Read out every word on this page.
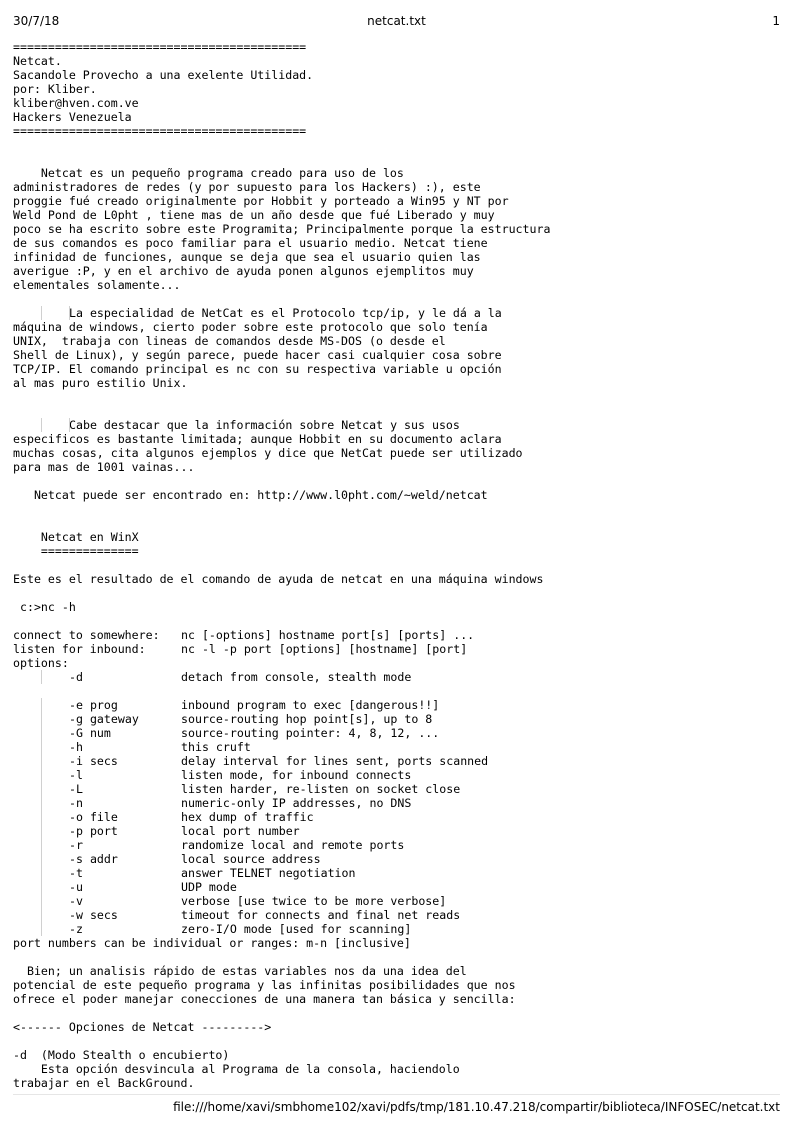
30/7/18	netcat.txt	1
==========================================
Netcat.
Sacandole Provecho a una exelente Utilidad.
por: Kliber.
kliber@hven.com.ve
Hackers Venezuela
==========================================
Netcat es un pequeño programa creado para uso de los
administradores de redes (y por supuesto para los Hackers) :), este
proggie fué creado originalmente por Hobbit y porteado a Win95 y NT por
Weld Pond de L0pht , tiene mas de un año desde que fué Liberado y muy
poco se ha escrito sobre este Programita; Principalmente porque la estructura
de sus comandos es poco familiar para el usuario medio. Netcat tiene
infinidad de funciones, aunque se deja que sea el usuario quien las
averigue :P, y en el archivo de ayuda ponen algunos ejemplitos muy
elementales solamente...
La especialidad de NetCat es el Protocolo tcp/ip, y le dá a la
máquina de windows, cierto poder sobre este protocolo que solo tenía
UNIX,  trabaja con lineas de comandos desde MS-DOS (o desde el
Shell de Linux), y según parece, puede hacer casi cualquier cosa sobre
TCP/IP. El comando principal es nc con su respectiva variable u opción
al mas puro estilio Unix.
Cabe destacar que la información sobre Netcat y sus usos
especificos es bastante limitada; aunque Hobbit en su documento aclara
muchas cosas, cita algunos ejemplos y dice que NetCat puede ser utilizado
para mas de 1001 vainas...
Netcat puede ser encontrado en: http://www.l0pht.com/~weld/netcat
Netcat en WinX
==============
Este es el resultado de el comando de ayuda de netcat en una máquina windows
c:>nc -h
connect to somewhere: nc [-options] hostname port[s] [ports] ...
listen for inbound:	nc -l -p port [options] [hostname] [port]
options:
-d	detach from console, stealth mode
-e prog	inbound program to exec [dangerous!!]
-g gateway	source-routing hop point[s], up to 8
-G num	source-routing pointer: 4, 8, 12, ...
-h	this cruft
-i secs	delay interval for lines sent, ports scanned
-l	listen mode, for inbound connects
-L	listen harder, re-listen on socket close
-n	numeric-only IP addresses, no DNS
-o file	hex dump of traffic
-p port	local port number
-r	randomize local and remote ports
-s addr	local source address
-t	answer TELNET negotiation
-u	UDP mode
-v	verbose [use twice to be more verbose]
-w secs	timeout for connects and final net reads
-z	zero-I/O mode [used for scanning]
port numbers can be individual or ranges: m-n [inclusive]
Bien; un analisis rápido de estas variables nos da una idea del
potencial de este pequeño programa y las infinitas posibilidades que nos
ofrece el poder manejar conecciones de una manera tan básica y sencilla:
<------ Opciones de Netcat --------->
-d  (Modo Stealth o encubierto)
Esta opción desvincula al Programa de la consola, haciendolo
trabajar en el BackGround.
file:///home/xavi/smbhome102/xavi/pdfs/tmp/181.10.47.218/compartir/biblioteca/INFOSEC/netcat.txt
